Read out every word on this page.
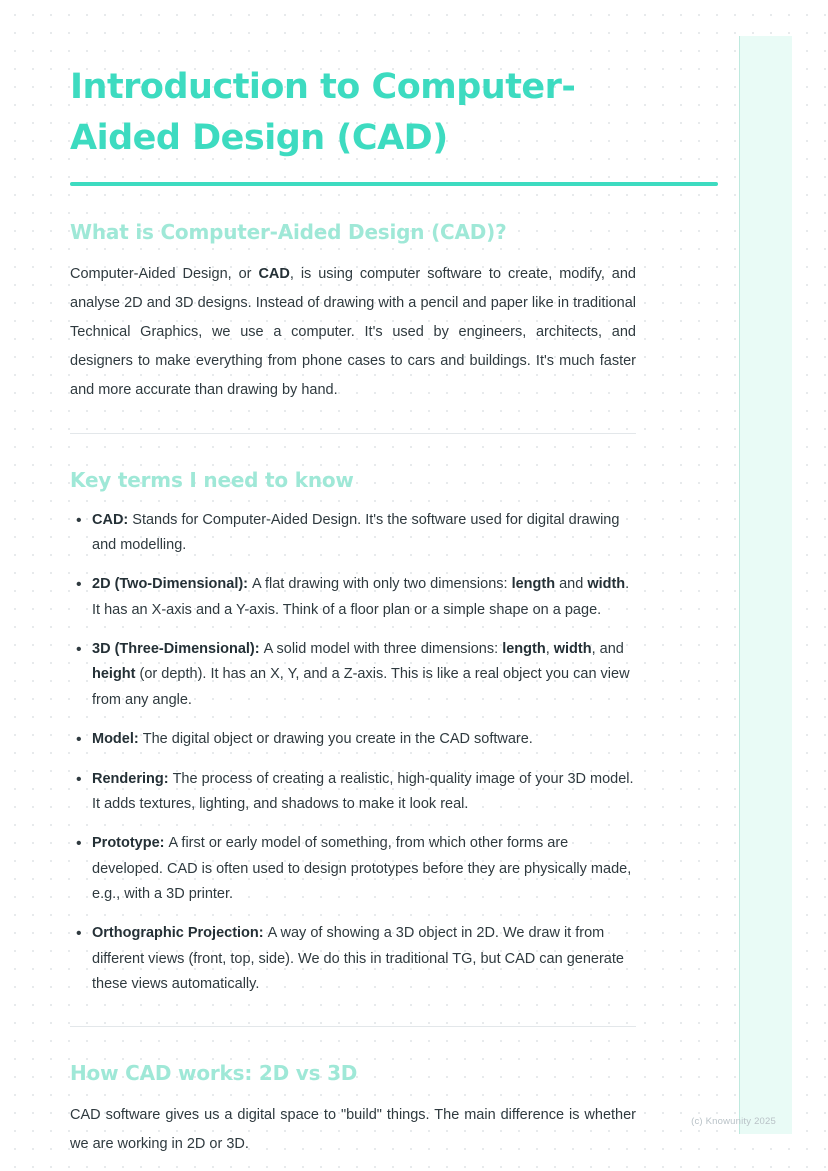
Introduction to Computer-Aided Design (CAD)
What is Computer-Aided Design (CAD)?

Computer-Aided Design, or CAD, is using computer software to create, modify, and analyse 2D and 3D designs. Instead of drawing with a pencil and paper like in traditional Technical Graphics, we use a computer. It's used by engineers, architects, and designers to make everything from phone cases to cars and buildings. It's much faster and more accurate than drawing by hand.

Key terms I need to know
• CAD: Stands for Computer-Aided Design. It's the software used for digital drawing and modelling.
• 2D (Two-Dimensional): A flat drawing with only two dimensions: length and width. It has an X-axis and a Y-axis. Think of a floor plan or a simple shape on a page.
• 3D (Three-Dimensional): A solid model with three dimensions: length, width, and height (or depth). It has an X, Y, and a Z-axis. This is like a real object you can view from any angle.
• Model: The digital object or drawing you create in the CAD software.
• Rendering: The process of creating a realistic, high-quality image of your 3D model. It adds textures, lighting, and shadows to make it look real.
• Prototype: A first or early model of something, from which other forms are developed. CAD is often used to design prototypes before they are physically made, e.g., with a 3D printer.
• Orthographic Projection: A way of showing a 3D object in 2D. We draw it from different views (front, top, side). We do this in traditional TG, but CAD can generate these views automatically.
How CAD works: 2D vs 3D

CAD software gives us a digital space to "build" things. The main difference is whether we are working in 2D or 3D.

(c) Knowunity 2025
